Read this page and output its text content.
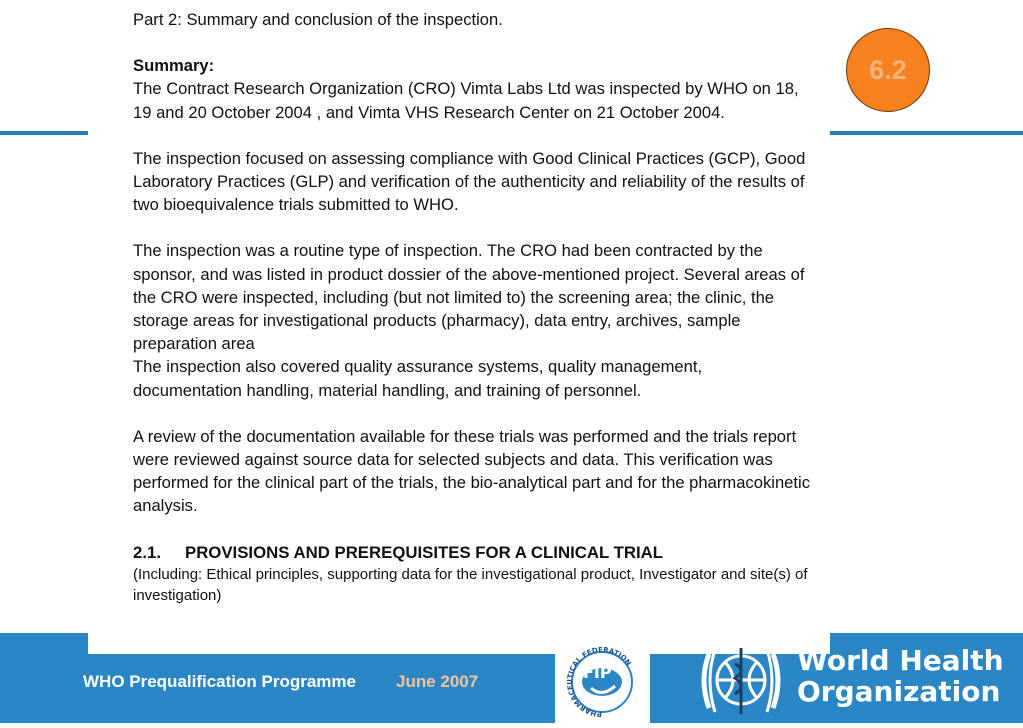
6.2
WHO Prequalification Programme June 2007

Part 2: Summary and conclusion of the inspection.

Summary:
The Contract Research Organization (CRO) Vimta Labs Ltd was inspected by WHO on 18, 19 and 20 October 2004 , and Vimta VHS Research Center on 21 October 2004.

The inspection focused on assessing compliance with Good Clinical Practices (GCP), Good Laboratory Practices (GLP) and verification of the authenticity and reliability of the results of two bioequivalence trials submitted to WHO.

The inspection was a routine type of inspection. The CRO had been contracted by the sponsor, and was listed in product dossier of the above-mentioned project. Several areas of the CRO were inspected, including (but not limited to) the screening area; the clinic, the storage areas for investigational products (pharmacy), data entry, archives, sample preparation area

The inspection also covered quality assurance systems, quality management, documentation handling, material handling, and training of personnel.

A review of the documentation available for these trials was performed and the trials report were reviewed against source data for selected subjects and data. This verification was performed for the clinical part of the trials, the bio-analytical part and for the pharmacokinetic analysis.

2.1. PROVISIONS AND PREREQUISITES FOR A CLINICAL TRIAL

(Including: Ethical principles, supporting data for the investigational product, Investigator and site(s) of investigation)

PHARMACEUTICAL FEDERATION
FIP	World Health
Organization
